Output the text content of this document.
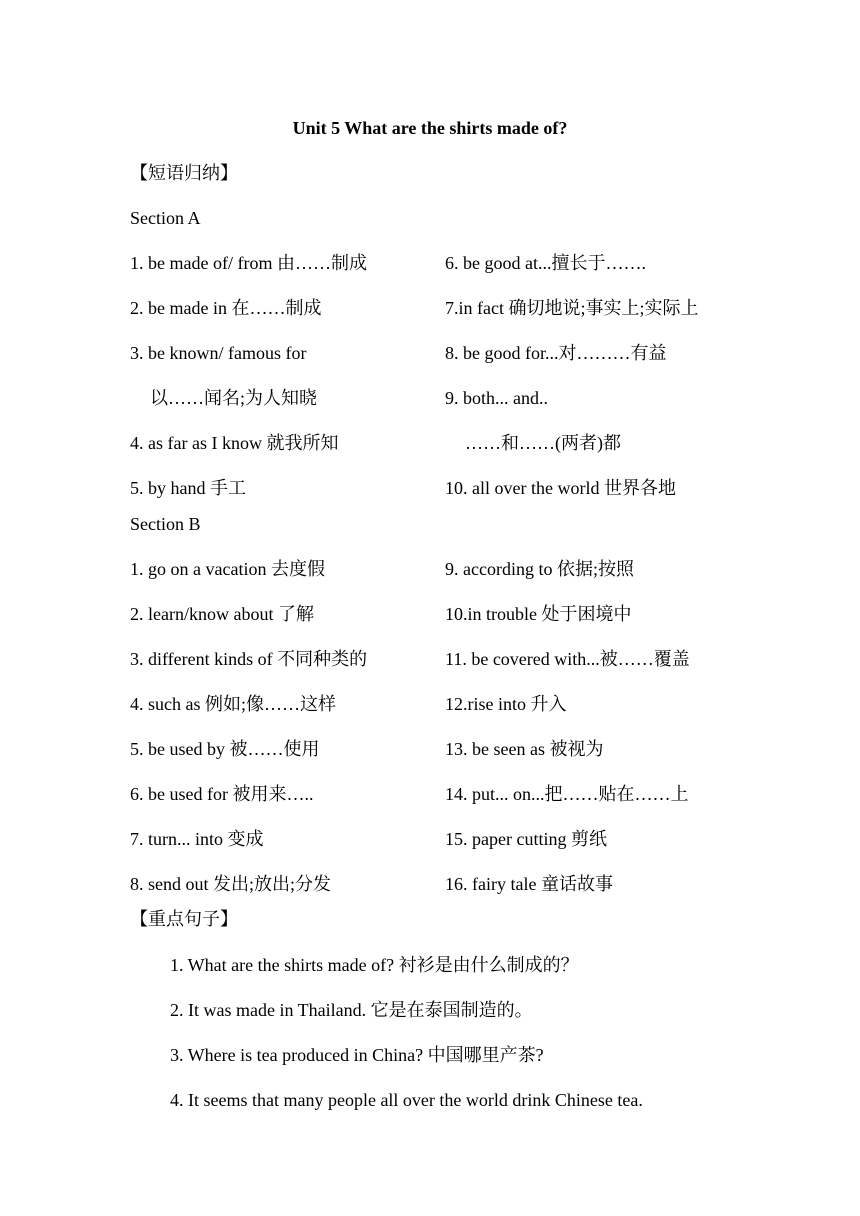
Unit 5 What are the shirts made of?
【短语归纳】
Section A
1. be made of/ from 由……制成
2. be made in 在……制成
3. be known/ famous for
以……闻名;为人知晓
4. as far as I know 就我所知
5. by hand 手工
6. be good at...擅长于…….
7.in fact 确切地说;事实上;实际上
8. be good for...对………有益
9. both... and..
……和……(两者)都
10. all over the world 世界各地
Section B
1. go on a vacation 去度假
2. learn/know about 了解
3. different kinds of 不同种类的
4. such as 例如;像……这样
5. be used by 被……使用
6. be used for 被用来…..
7. turn... into 变成
8. send out 发出;放出;分发
9. according to 依据;按照
10.in trouble 处于困境中
11. be covered with...被……覆盖
12.rise into 升入
13. be seen as 被视为
14. put... on...把……贴在……上
15. paper cutting 剪纸
16. fairy tale 童话故事
【重点句子】
1. What are the shirts made of? 衬衫是由什么制成的？
2. It was made in Thailand. 它是在泰国制造的。
3. Where is tea produced in China? 中国哪里产茶?
4. It seems that many people all over the world drink Chinese tea.
